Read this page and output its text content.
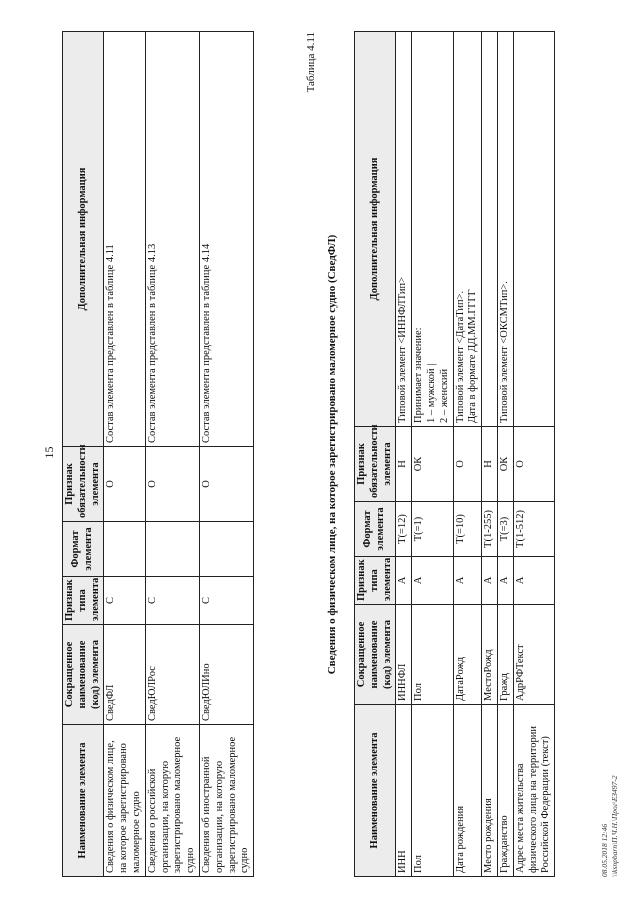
15
Наименование элемента	Сокращенное наименование (код) элемента	Признак типа элемента	Формат элемента	Признак обязательности элемента	Дополнительная информация
Сведения о физическом лице, на которое зарегистрировано маломерное судно	СведФЛ	С		О	Состав элемента представлен в таблице 4.11
Сведения о российской организации, на которую зарегистрировано маломерное судно	СведЮЛРос	С		О	Состав элемента представлен в таблице 4.13
Сведения об иностранной организации, на которую зарегистрировано маломерное судно	СведЮЛИно	С		О	Состав элемента представлен в таблице 4.14
Таблица 4.11
Сведения о физическом лице, на которое зарегистрировано маломерное судно (СведФЛ)
Наименование элемента	Сокращенное наименование (код) элемента	Признак типа элемента	Формат элемента	Признак обязательности элемента	Дополнительная информация
ИНН	ИННФЛ	А	T(=12)	Н	Типовой элемент <ИННФЛТип>
Пол	Пол	А	T(=1)	ОК	Принимает значение:
1 – мужской |
2 – женский
Дата рождения	ДатаРожд	А	T(=10)	О	Типовой элемент <ДатаТип>.
Дата в формате ДД.ММ.ГГГГ
Место рождения	МестоРожд	А	T(1-255)	Н	
Гражданство	Гражд	А	T(=3)	ОК	Типовой элемент <ОКСМТип>.
Адрес места жительства физического лица на территории Российской Федерации (текст)	АдрРФТекст	А	T(1-512)	О	
08.05.2018 12:46 \\ksnpbarn\П.Ч.Н.\Прог\ЕЗ497-2
